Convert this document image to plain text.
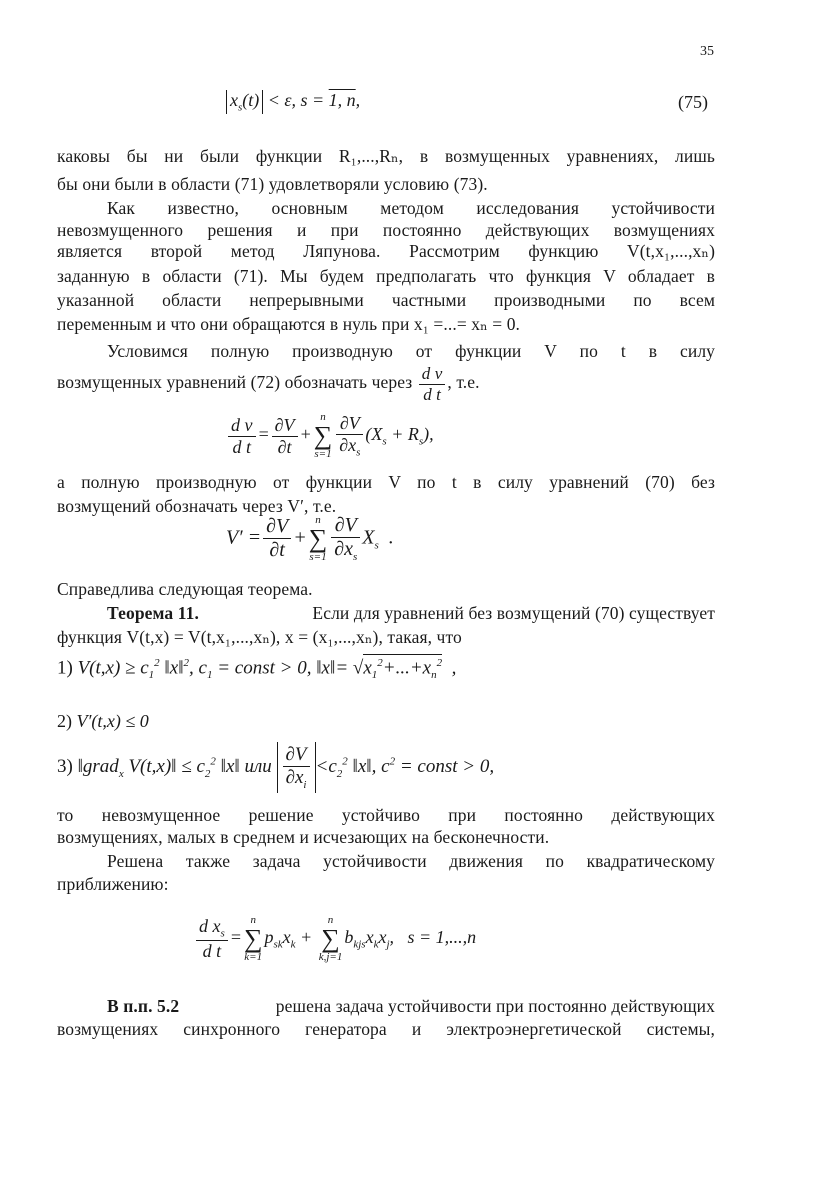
35
$x_s(t) < \varepsilon$, s = 1, n,	(75)
каковы бы ни были функции R₁,...,Rₙ, в возмущенных уравнениях, лишь
бы они были в области (71) удовлетворяли условию (73).
Как известно, основным методом исследования устойчивости
невозмущенного решения и при постоянно действующих возмущениях
является второй метод Ляпунова. Рассмотрим функцию V(t,x₁,...,xₙ)
заданную в области (71). Мы будем предполагать что функция V обладает в
указанной области непрерывными частными производными по всем
переменным и что они обращаются в нуль при x₁ =...= xₙ = 0.
Условимся полную производную от функции V по t в силу
возмущенных уравнений (72) обозначать через $\frac{\text{d v}}{\text{d t}}$ , т.е.
$\frac{\text{d v}}{\text{d t}} = \frac{\partial V}{\partial t}$ +
n
∑
$s=1 \frac{\partial V}{\partial x_s} (X_s + R_s)$,
а полную производную от функции V по t в силу уравнений (70) без
возмущений обозначать через V′, т.е.
$V' = \frac{\partial V}{\partial t}$ +
n
∑
$s=1 \frac{\partial V}{\partial x_s} X_s$  .
Справедлива следующая теорема.
Теорема 11.	Если для уравнений без возмущений (70) существует
функция V(t,x) = V(t,x₁,...,xₙ), x = (x₁,...,xₙ), такая, что
1) $V(t,x) \ge c_1^2$ ‖x‖$^2$, $c_1$ = const > 0, ‖x‖= $√x_1^2+...+x_n^2$  ,
2) V′(t,x) ≤ 0
3) ‖grad$_x$ V(t,x)‖ ≤ $c_2^2$ ‖x‖ или $\frac{\partial V}{\partial x_i} <c_2^2$ ‖x‖, $c^2$ = const > 0,
то невозмущенное решение устойчиво при постоянно действующих
возмущениях, малых в среднем и исчезающих на бесконечности.
Решена также задача устойчивости движения по квадратическому
приближению:
$\frac{d x_s}{\text{d t}}$ =
n
∑
k=1
$p_{sk}x_k$ +
n
∑
k,j=1
$b_{kjs}x_kx_j$,   s = 1,...,n
В п.п. 5.2	решена задача устойчивости при постоянно действующих
возмущениях синхронного генератора и электроэнергетической системы,
